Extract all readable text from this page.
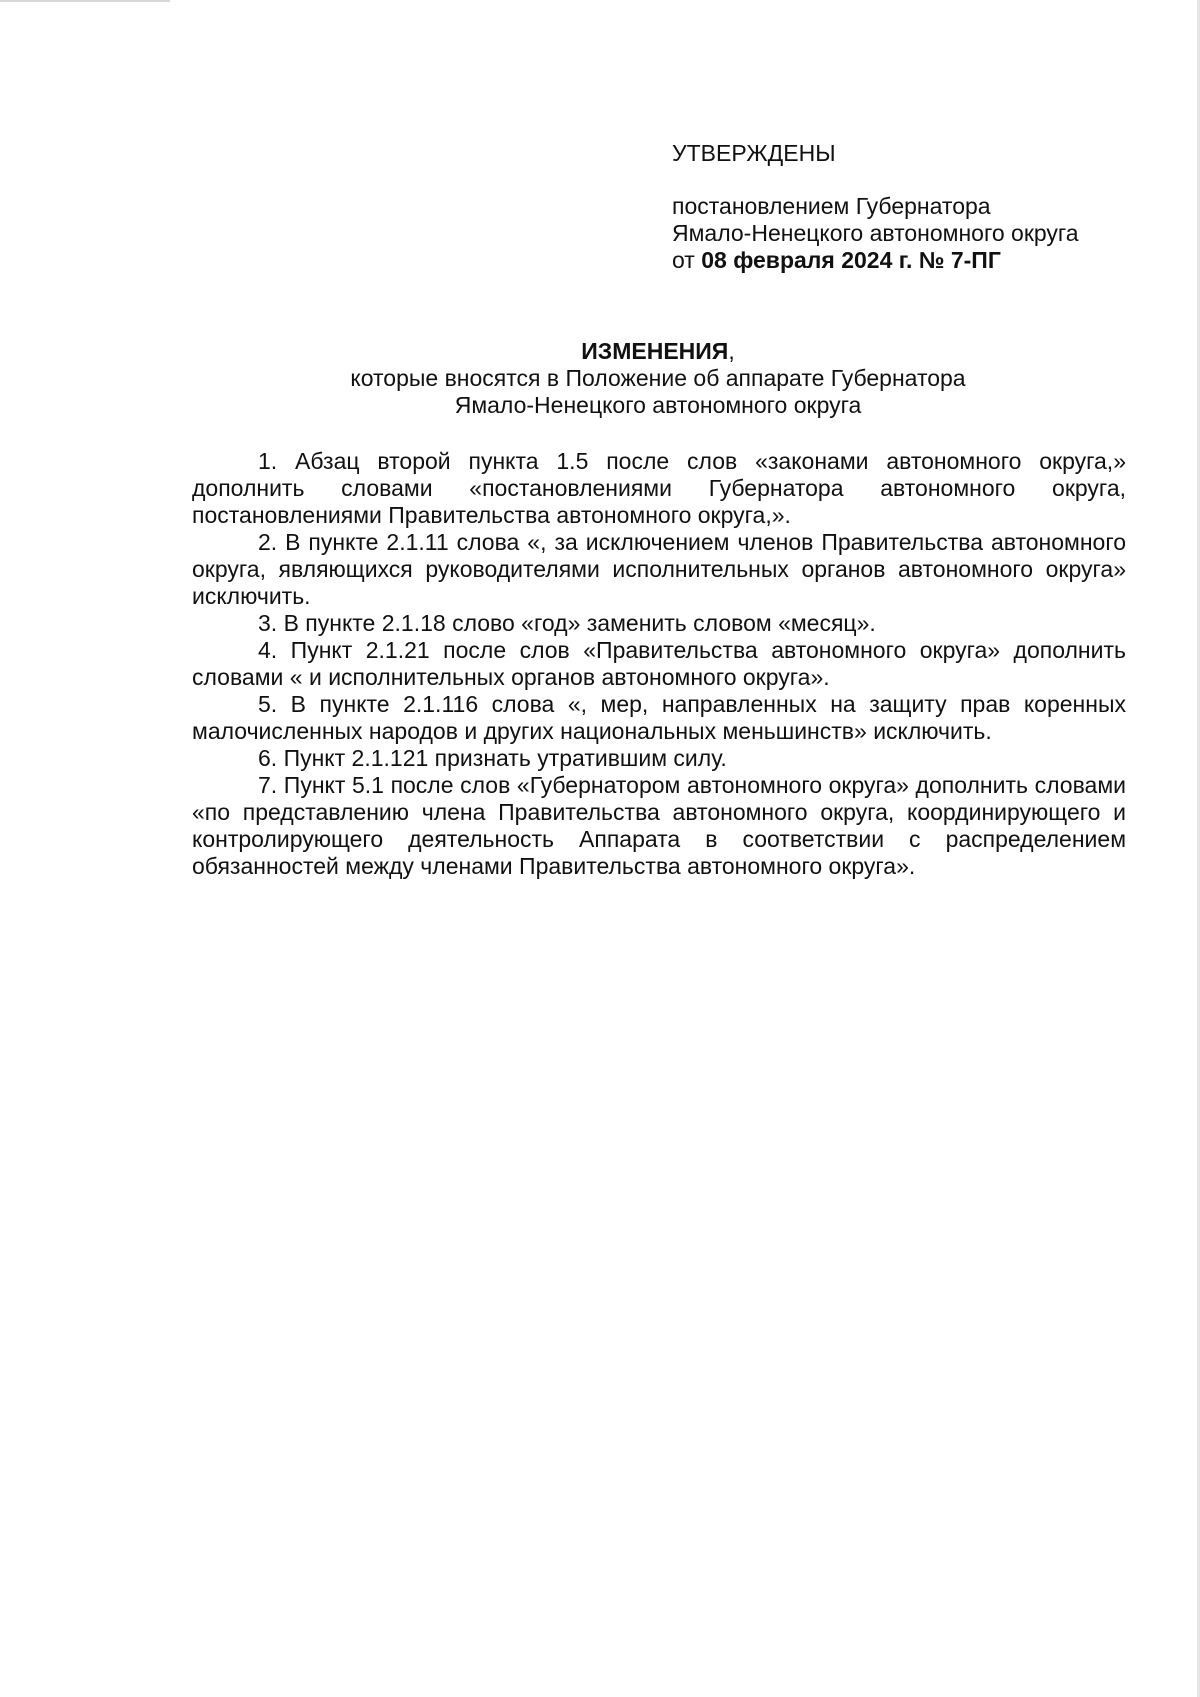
УТВЕРЖДЕНЫ
постановлением Губернатора
Ямало-Ненецкого автономного округа
от 08 февраля 2024 г. № 7-ПГ
ИЗМЕНЕНИЯ,
которые вносятся в Положение об аппарате Губернатора
Ямало-Ненецкого автономного округа

1. Абзац второй пункта 1.5 после слов «законами автономного округа,» дополнить словами «постановлениями Губернатора автономного округа, постановлениями Правительства автономного округа,».

2. В пункте 2.1.11 слова «, за исключением членов Правительства автономного округа, являющихся руководителями исполнительных органов автономного округа» исключить.

3. В пункте 2.1.18 слово «год» заменить словом «месяц».

4. Пункт 2.1.21 после слов «Правительства автономного округа» дополнить словами « и исполнительных органов автономного округа».

5. В пункте 2.1.116 слова «, мер, направленных на защиту прав коренных малочисленных народов и других национальных меньшинств» исключить.

6. Пункт 2.1.121 признать утратившим силу.

7. Пункт 5.1 после слов «Губернатором автономного округа» дополнить словами «по представлению члена Правительства автономного округа, координирующего и контролирующего деятельность Аппарата в соответствии с распределением обязанностей между членами Правительства автономного округа».
